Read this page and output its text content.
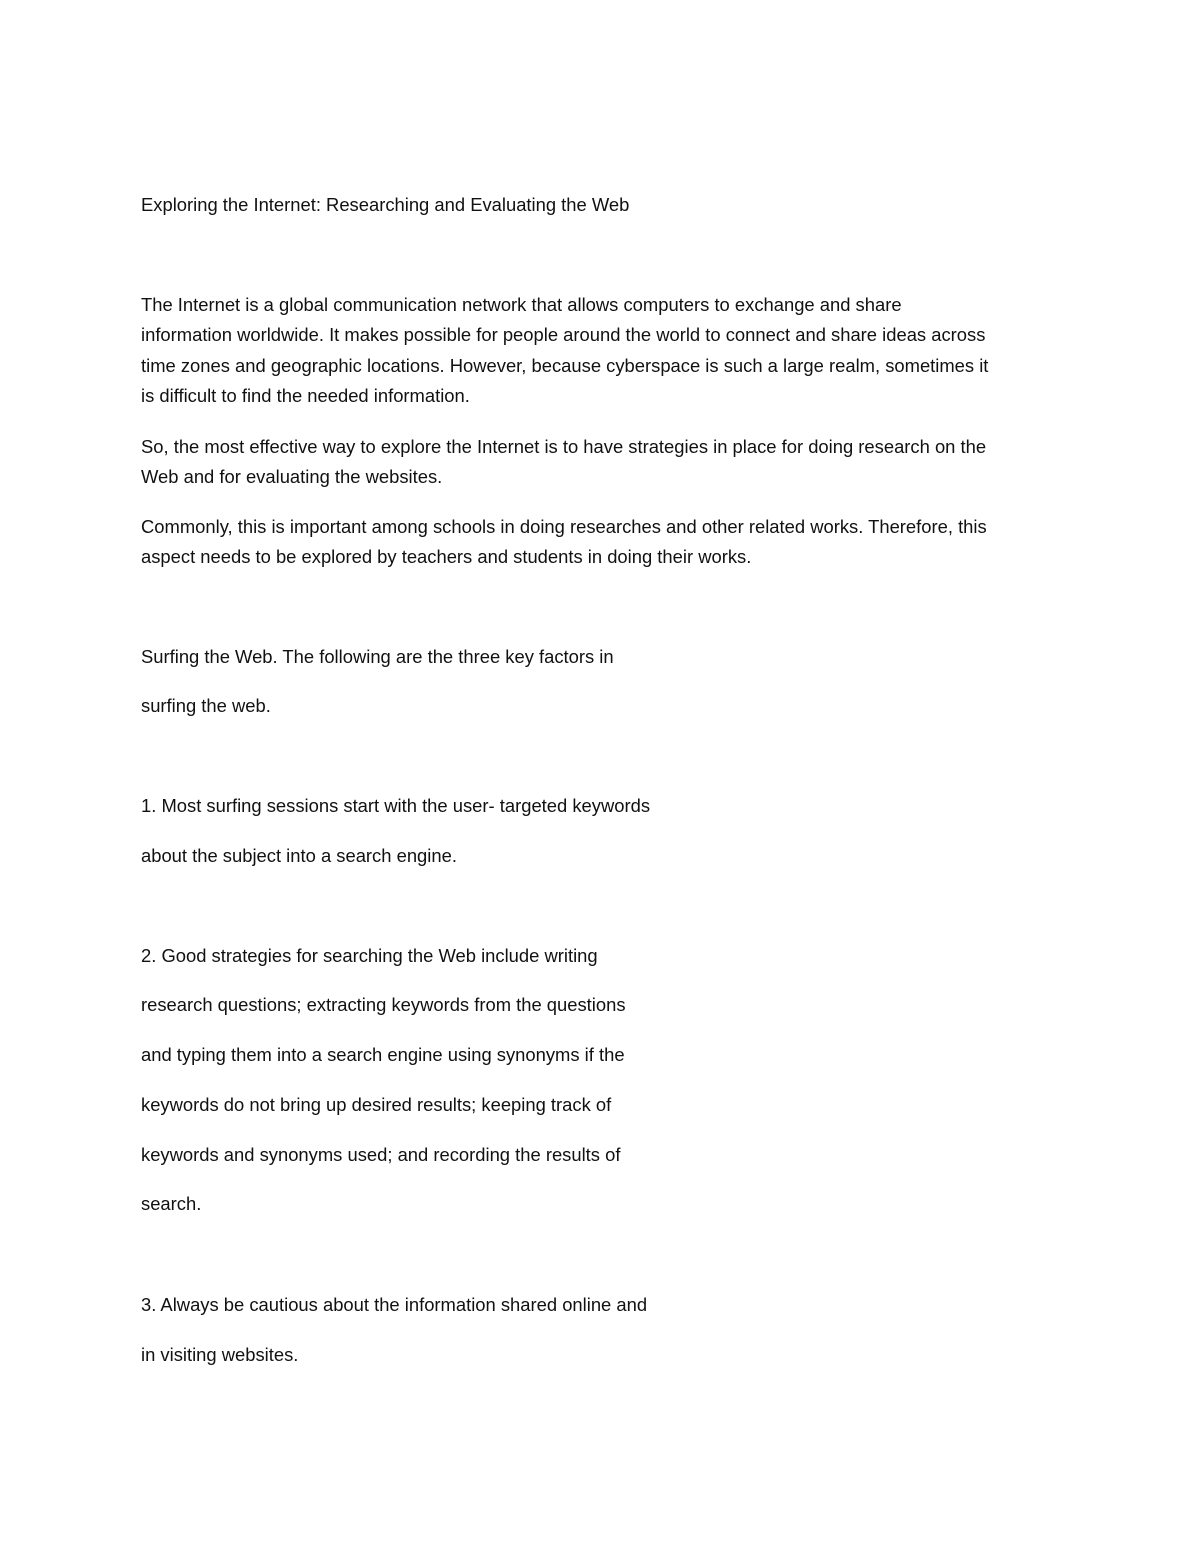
Exploring the Internet: Researching and Evaluating the Web
The Internet is a global communication network that allows computers to exchange and share
information worldwide. It makes possible for people around the world to connect and share ideas across
time zones and geographic locations. However, because cyberspace is such a large realm, sometimes it
is difficult to find the needed information.
So, the most effective way to explore the Internet is to have strategies in place for doing research on the
Web and for evaluating the websites.
Commonly, this is important among schools in doing researches and other related works. Therefore, this
aspect needs to be explored by teachers and students in doing their works.
Surfing the Web. The following are the three key factors in
surfing the web.
1. Most surfing sessions start with the user- targeted keywords
about the subject into a search engine.
2. Good strategies for searching the Web include writing
research questions; extracting keywords from the questions
and typing them into a search engine using synonyms if the
keywords do not bring up desired results; keeping track of
keywords and synonyms used; and recording the results of
search.
3. Always be cautious about the information shared online and
in visiting websites.
